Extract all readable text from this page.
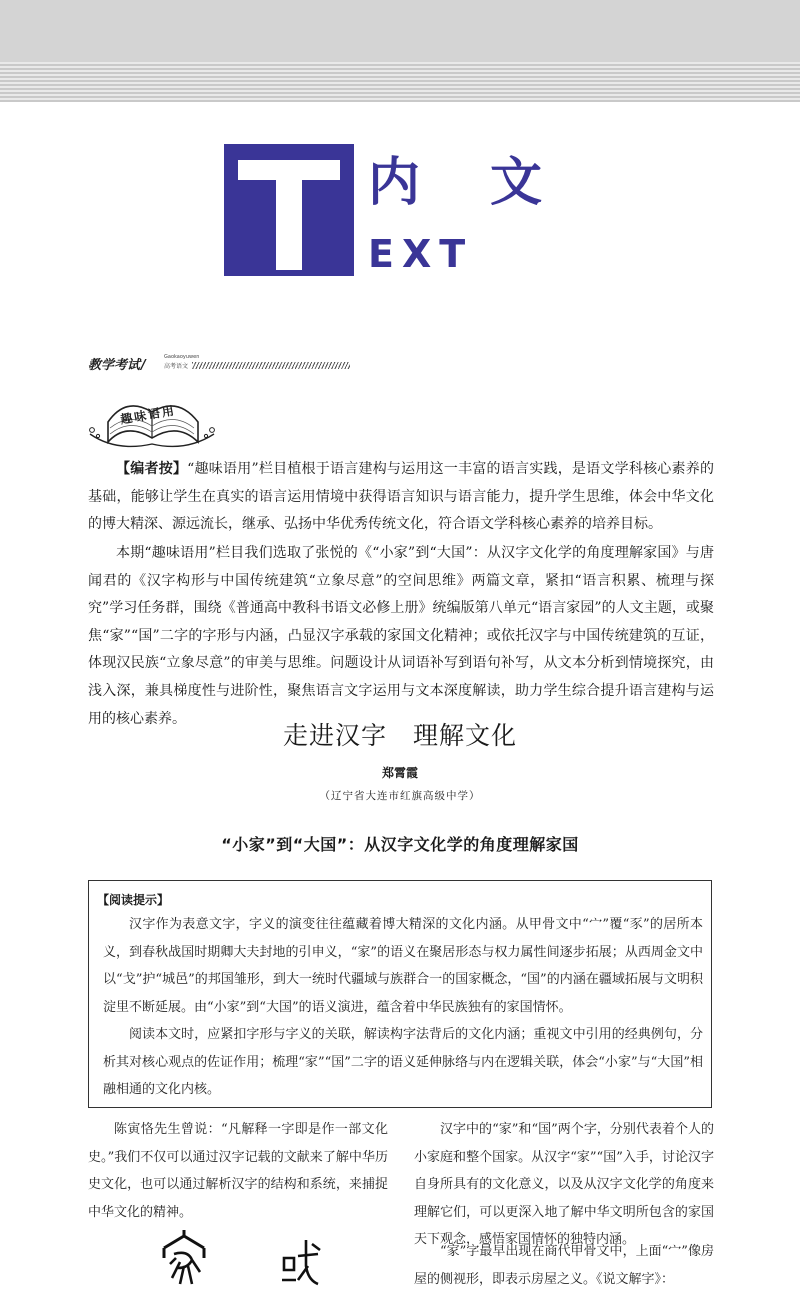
内文
EXT
教学考试/
Gaokaoyuwen
高考语文
趣味语用

【编者按】“趣味语用”栏目植根于语言建构与运用这一丰富的语言实践，是语文学科核心素养的基础，能够让学生在真实的语言运用情境中获得语言知识与语言能力，提升学生思维，体会中华文化的博大精深、源远流长，继承、弘扬中华优秀传统文化，符合语文学科核心素养的培养目标。

本期“趣味语用”栏目我们选取了张悦的《“小家”到“大国”：从汉字文化学的角度理解家国》与唐闻君的《汉字构形与中国传统建筑“立象尽意”的空间思维》两篇文章，紧扣“语言积累、梳理与探究”学习任务群，围绕《普通高中教科书语文必修上册》统编版第八单元“语言家园”的人文主题，或聚焦“家”“国”二字的字形与内涵，凸显汉字承载的家国文化精神；或依托汉字与中国传统建筑的互证，体现汉民族“立象尽意”的审美与思维。问题设计从词语补写到语句补写，从文本分析到情境探究，由浅入深，兼具梯度性与进阶性，聚焦语言文字运用与文本深度解读，助力学生综合提升语言建构与运用的核心素养。

走进汉字　理解文化
郑霄霞
（辽宁省大连市红旗高级中学）
“小家”到“大国”：从汉字文化学的角度理解家国
【阅读提示】

汉字作为表意文字，字义的演变往往蕴藏着博大精深的文化内涵。从甲骨文中“宀”覆“豕”的居所本义，到春秋战国时期卿大夫封地的引申义，“家”的语义在聚居形态与权力属性间逐步拓展；从西周金文中以“戈”护“城邑”的邦国雏形，到大一统时代疆域与族群合一的国家概念，“国”的内涵在疆域拓展与文明积淀里不断延展。由“小家”到“大国”的语义演进，蕴含着中华民族独有的家国情怀。

阅读本文时，应紧扣字形与字义的关联，解读构字法背后的文化内涵；重视文中引用的经典例句，分析其对核心观点的佐证作用；梳理“家”“国”二字的语义延伸脉络与内在逻辑关联，体会“小家”与“大国”相融相通的文化内核。

陈寅恪先生曾说：“凡解释一字即是作一部文化史。”我们不仅可以通过汉字记载的文献来了解中华历史文化，也可以通过解析汉字的结构和系统，来捕捉中华文化的精神。

汉字中的“家”和“国”两个字，分别代表着个人的小家庭和整个国家。从汉字“家”“国”入手，讨论汉字自身所具有的文化意义，以及从汉字文化学的角度来理解它们，可以更深入地了解中华文明所包含的家国天下观念，感悟家国情怀的独特内涵。

“家”字最早出现在商代甲骨文中，上面“宀”像房屋的侧视形，即表示房屋之义。《说文解字》：
